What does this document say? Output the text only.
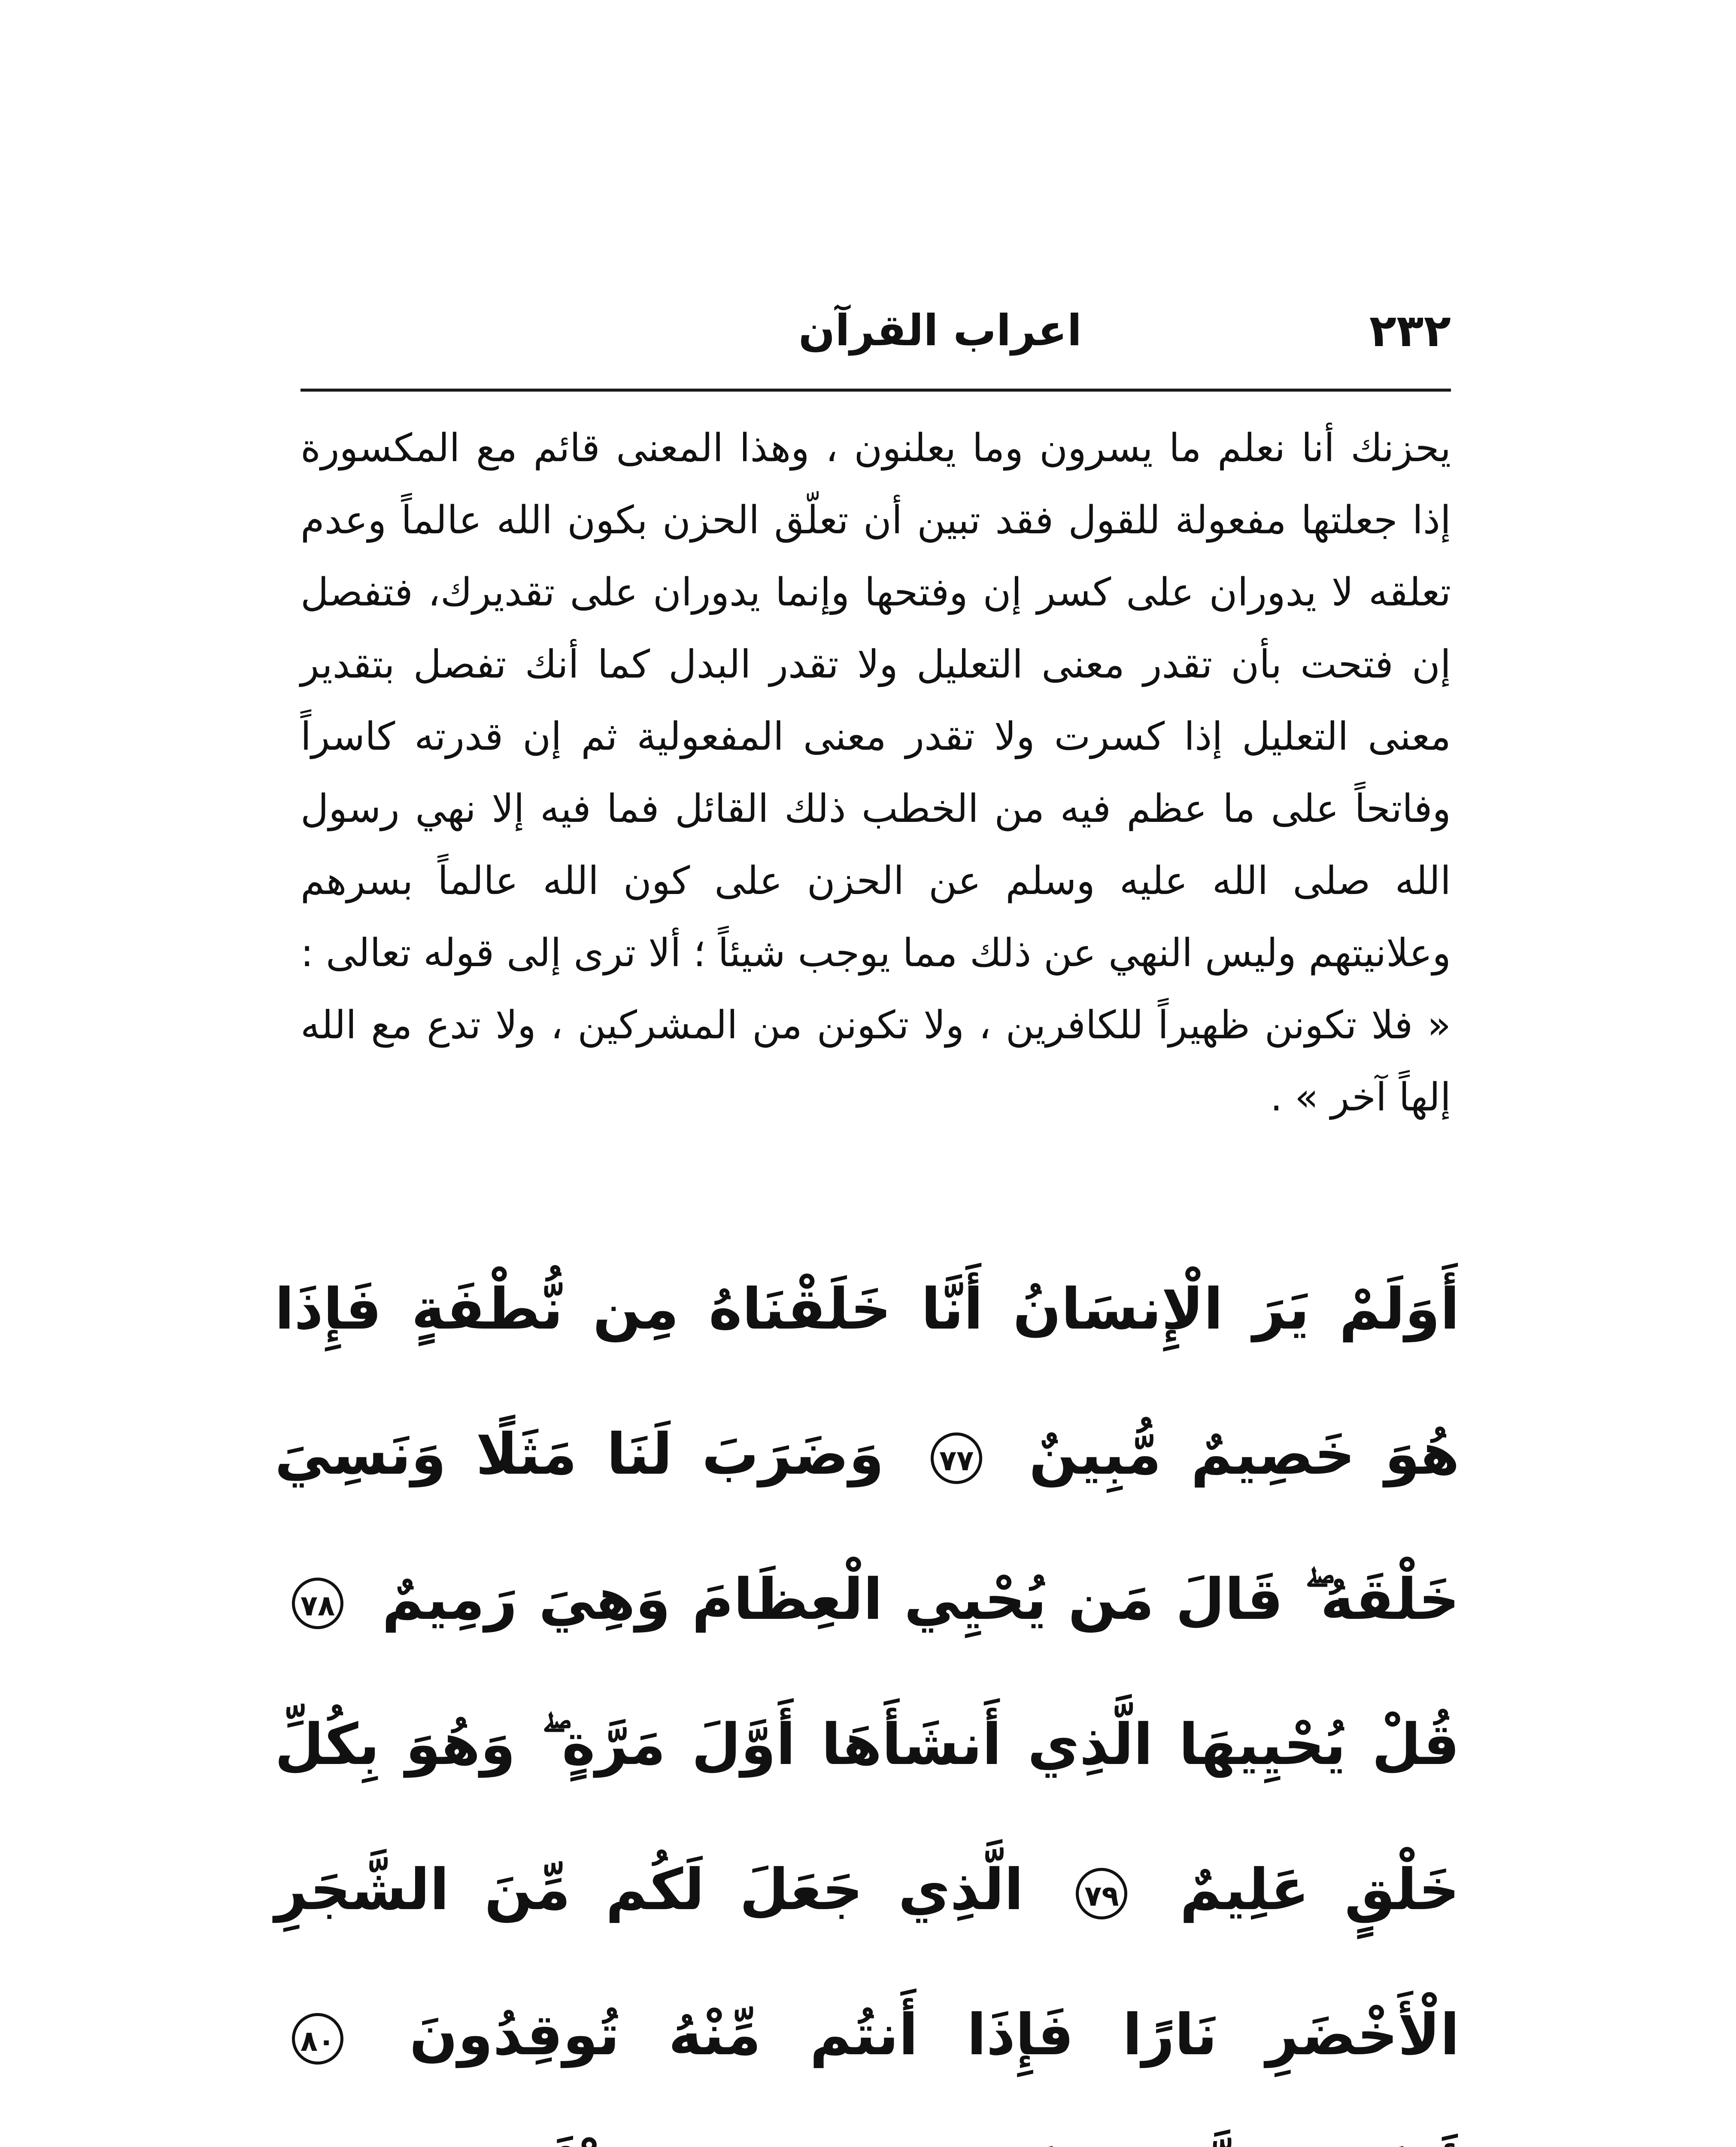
٢٣٢
اعراب القرآن

يحزنك أنا نعلم ما يسرون وما يعلنون ، وهذا المعنى قائم مع المكسورة إذا جعلتها مفعولة للقول فقد تبين أن تعلّق الحزن بكون الله عالماً وعدم تعلقه لا يدوران على كسر إن وفتحها وإنما يدوران على تقديرك، فتفصل إن فتحت بأن تقدر معنى التعليل ولا تقدر البدل كما أنك تفصل بتقدير معنى التعليل إذا كسرت ولا تقدر معنى المفعولية ثم إن قدرته كاسراً وفاتحاً على ما عظم فيه من الخطب ذلك القائل فما فيه إلا نهي رسول الله صلى الله عليه وسلم عن الحزن على كون الله عالماً بسرهم وعلانيتهم وليس النهي عن ذلك مما يوجب شيئاً ؛ ألا ترى إلى قوله تعالى : « فلا تكونن ظهيراً للكافرين ، ولا تكونن من المشركين ، ولا تدع مع الله إلهاً آخر » .

أَوَلَمْ يَرَ الْإِنسَانُ أَنَّا خَلَقْنَاهُ مِن نُّطْفَةٍ فَإِذَا هُوَ خَصِيمٌ مُّبِينٌ ٧٧ وَضَرَبَ لَنَا مَثَلًا وَنَسِيَ خَلْقَهُ ۖ قَالَ مَن يُحْيِي الْعِظَامَ وَهِيَ رَمِيمٌ ٧٨ قُلْ يُحْيِيهَا الَّذِي أَنشَأَهَا أَوَّلَ مَرَّةٍ ۖ وَهُوَ بِكُلِّ خَلْقٍ عَلِيمٌ ٧٩ الَّذِي جَعَلَ لَكُم مِّنَ الشَّجَرِ الْأَخْضَرِ نَارًا فَإِذَا أَنتُم مِّنْهُ تُوقِدُونَ ٨٠
